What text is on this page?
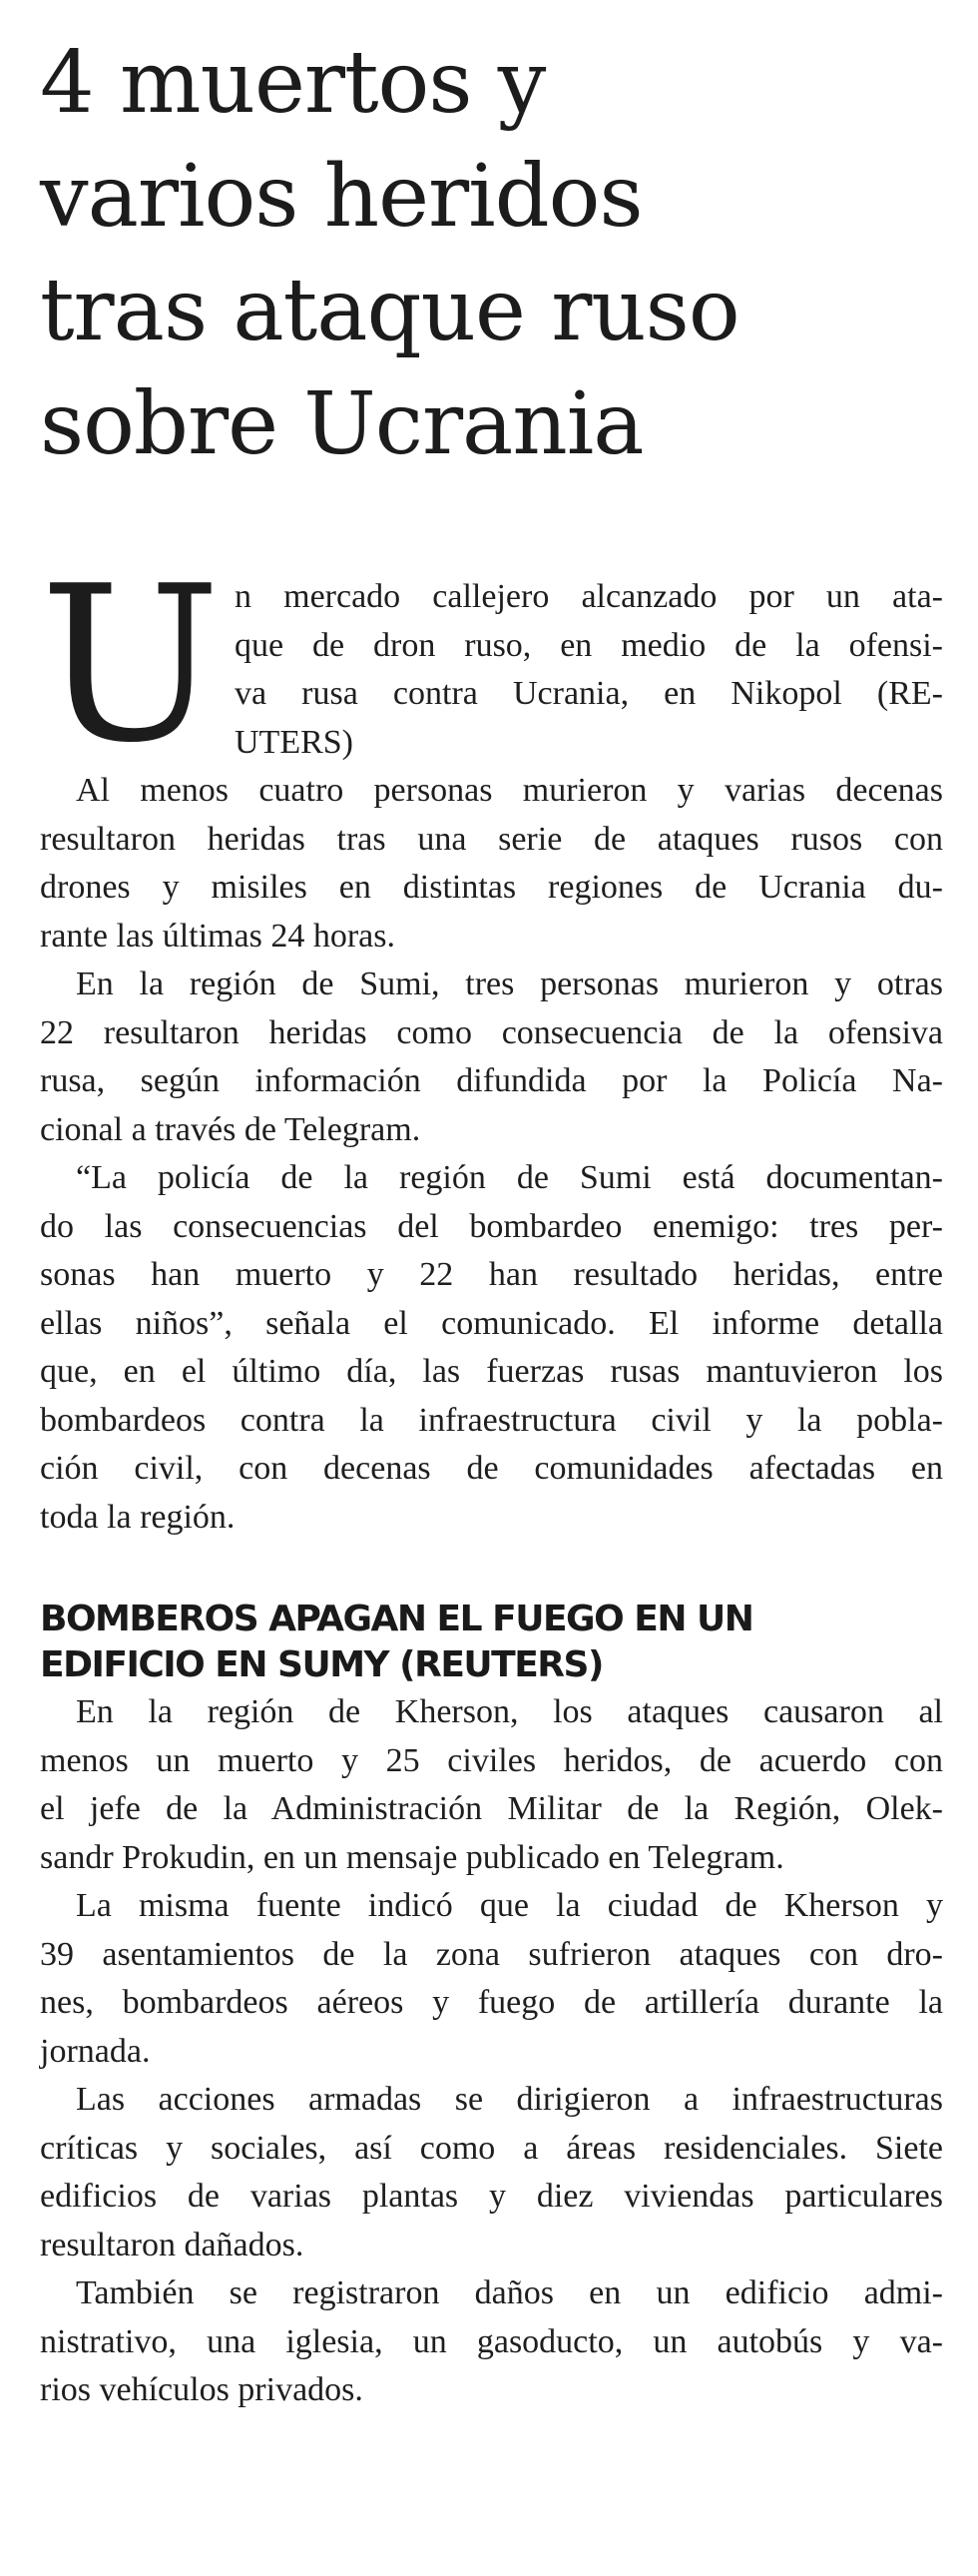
4 muertos y
varios heridos
tras ataque ruso
sobre Ucrania
U n mercado callejero alcanzado por un ata-
que de dron ruso, en medio de la ofensi-
va rusa contra Ucrania, en Nikopol (RE-
UTERS)
Al menos cuatro personas murieron y varias decenas
resultaron heridas tras una serie de ataques rusos con
drones y misiles en distintas regiones de Ucrania du-
rante las últimas 24 horas.
En la región de Sumi, tres personas murieron y otras
22 resultaron heridas como consecuencia de la ofensiva
rusa, según información difundida por la Policía Na-
cional a través de Telegram.
“La policía de la región de Sumi está documentan-
do las consecuencias del bombardeo enemigo: tres per-
sonas han muerto y 22 han resultado heridas, entre
ellas niños”, señala el comunicado. El informe detalla
que, en el último día, las fuerzas rusas mantuvieron los
bombardeos contra la infraestructura civil y la pobla-
ción civil, con decenas de comunidades afectadas en
toda la región.
BOMBEROS APAGAN EL FUEGO EN UN
EDIFICIO EN SUMY (REUTERS)
En la región de Kherson, los ataques causaron al
menos un muerto y 25 civiles heridos, de acuerdo con
el jefe de la Administración Militar de la Región, Olek-
sandr Prokudin, en un mensaje publicado en Telegram.
La misma fuente indicó que la ciudad de Kherson y
39 asentamientos de la zona sufrieron ataques con dro-
nes, bombardeos aéreos y fuego de artillería durante la
jornada.
Las acciones armadas se dirigieron a infraestructuras
críticas y sociales, así como a áreas residenciales. Siete
edificios de varias plantas y diez viviendas particulares
resultaron dañados.
También se registraron daños en un edificio admi-
nistrativo, una iglesia, un gasoducto, un autobús y va-
rios vehículos privados.
